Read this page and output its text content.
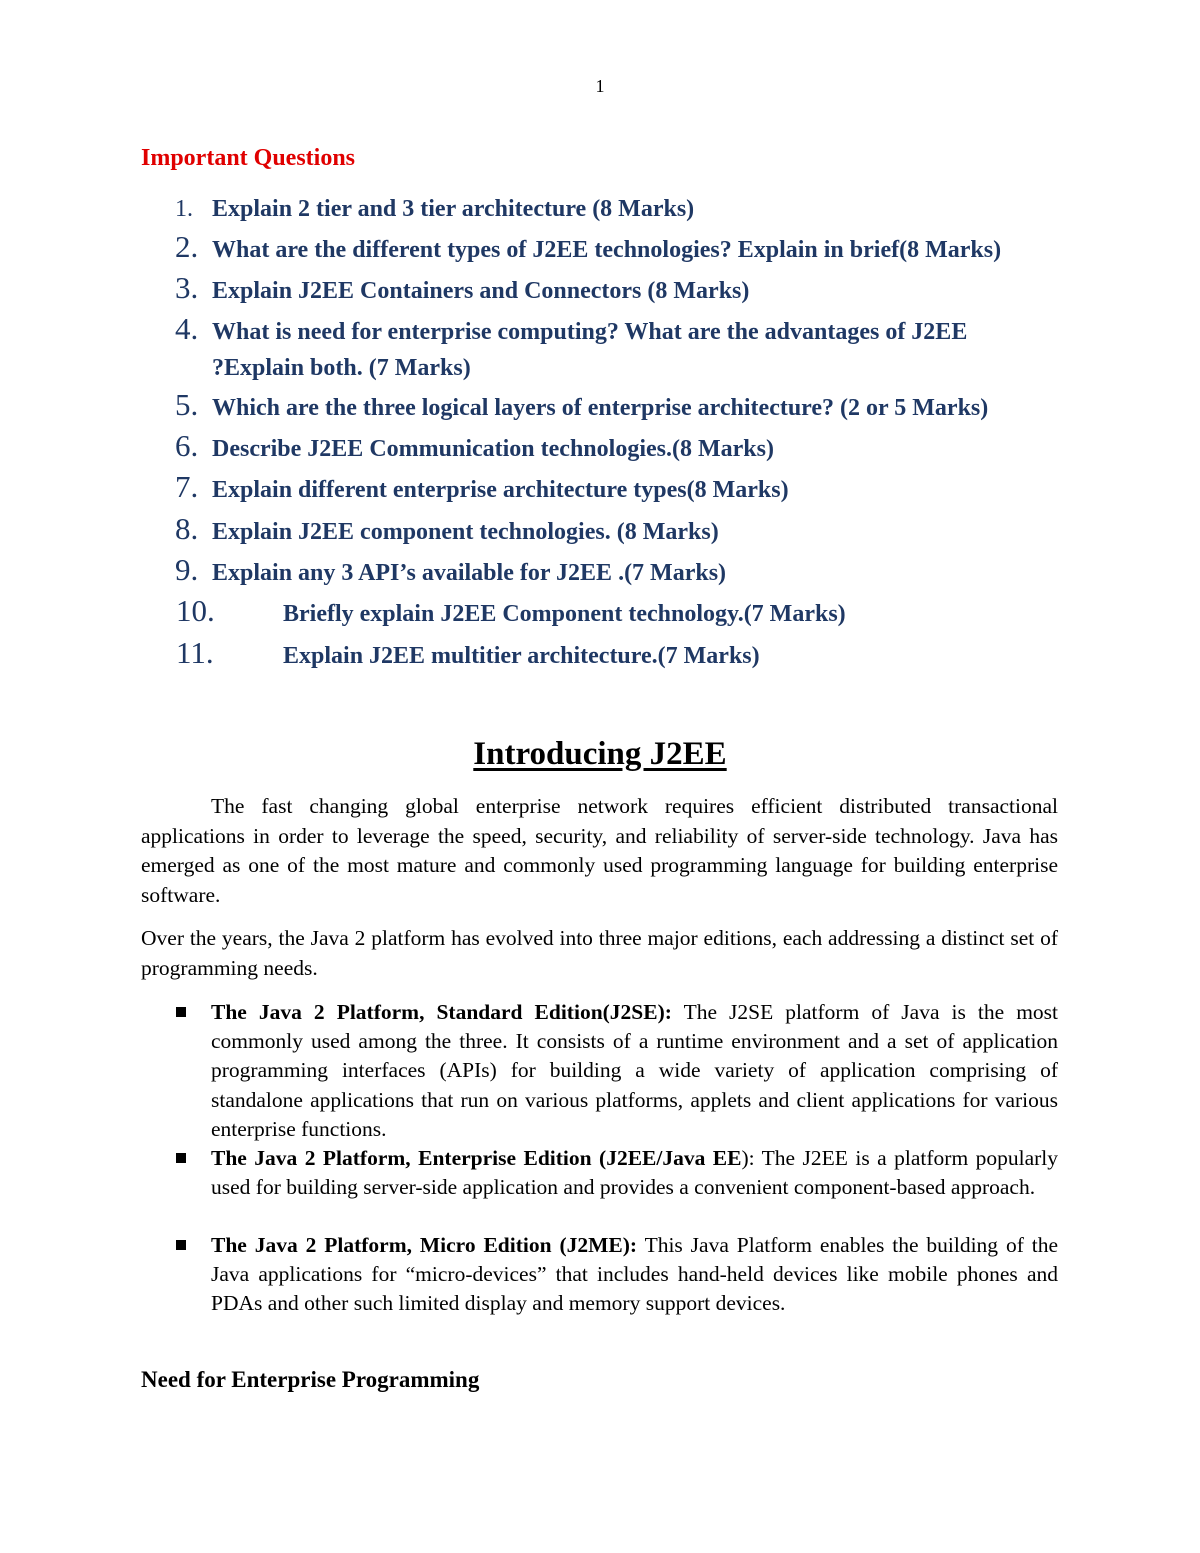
1
Important Questions
1. Explain 2 tier and 3 tier architecture (8 Marks)
2. What are the different types of J2EE technologies? Explain in brief(8 Marks)
3. Explain J2EE Containers and Connectors (8 Marks)
4. What is need for enterprise computing? What are the advantages of J2EE
?Explain both. (7 Marks)
5. Which are the three logical layers of enterprise architecture? (2 or 5 Marks)
6. Describe J2EE Communication technologies.(8 Marks)
7. Explain different enterprise architecture types(8 Marks)
8. Explain J2EE component technologies. (8 Marks)
9. Explain any 3 API’s available for J2EE .(7 Marks)
10.	Briefly explain J2EE Component technology.(7 Marks)
11.	Explain J2EE multitier architecture.(7 Marks)
Introducing J2EE

The fast changing global enterprise network requires efficient distributed transactional applications in order to leverage the speed, security, and reliability of server-side technology. Java has emerged as one of the most mature and commonly used programming language for building enterprise software.

Over the years, the Java 2 platform has evolved into three major editions, each addressing a distinct set of programming needs.

The Java 2 Platform, Standard Edition(J2SE): The J2SE platform of Java is the most commonly used among the three. It consists of a runtime environment and a set of application programming interfaces (APIs) for building a wide variety of application comprising of standalone applications that run on various platforms, applets and client applications for various enterprise functions.
The Java 2 Platform, Enterprise Edition (J2EE/Java EE): The J2EE is a platform popularly used for building server-side application and provides a convenient component-based approach.
The Java 2 Platform, Micro Edition (J2ME): This Java Platform enables the building of the Java applications for “micro-devices” that includes hand-held devices like mobile phones and PDAs and other such limited display and memory support devices.
Need for Enterprise Programming
